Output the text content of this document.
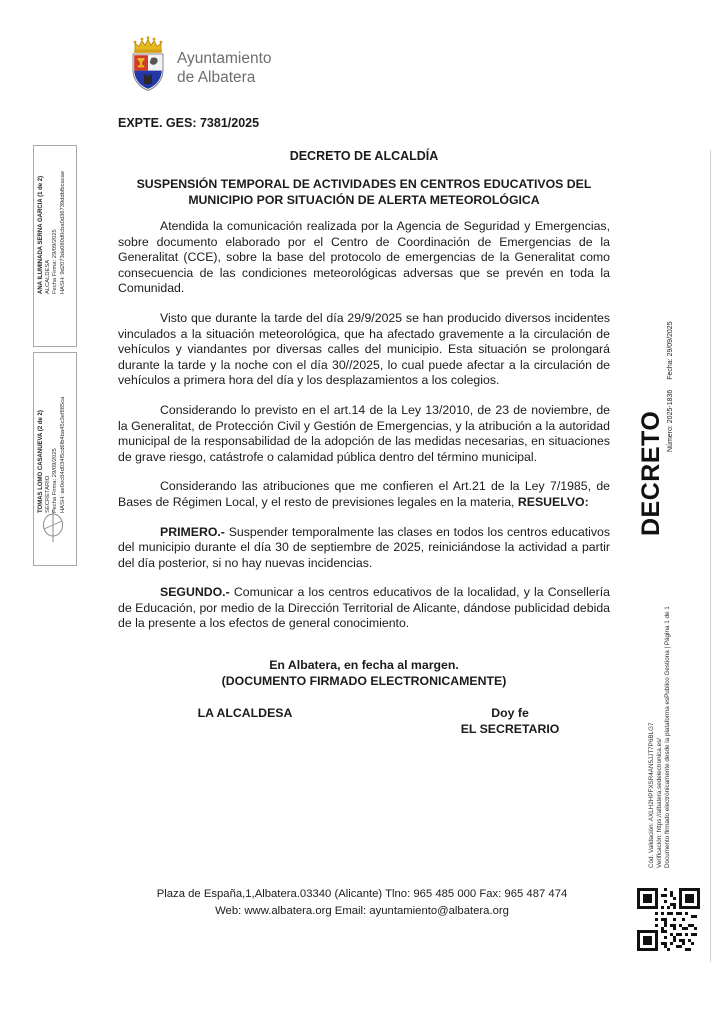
Ayuntamiento
de Albatera
EXPTE. GES: 7381/2025
DECRETO DE ALCALDÍA
SUSPENSIÓN TEMPORAL DE ACTIVIDADES EN CENTROS EDUCATIVOS DEL MUNICIPIO POR SITUACIÓN DE ALERTA METEOROLÓGICA

Atendida la comunicación realizada por la Agencia de Seguridad y Emergencias, sobre documento elaborado por el Centro de Coordinación de Emergencias de la Generalitat (CCE), sobre la base del protocolo de emergencias de la Generalitat como consecuencia de las condiciones meteorológicas adversas que se prevén en toda la Comunidad.

Visto que durante la tarde del día 29/9/2025 se han producido diversos incidentes vinculados a la situación meteorológica, que ha afectado gravemente a la circulación de vehículos y viandantes por diversas calles del municipio. Esta situación se prolongará durante la tarde y la noche con el día 30//2025, lo cual puede afectar a la circulación de vehículos a primera hora del día y los desplazamientos a los colegios.

Considerando lo previsto en el art.14 de la Ley 13/2010, de 23 de noviembre, de la Generalitat, de Protección Civil y Gestión de Emergencias, y la atribución a la autoridad municipal de la responsabilidad de la adopción de las medidas necesarias, en situaciones de grave riesgo, catástrofe o calamidad pública dentro del término municipal.

Considerando las atribuciones que me confieren el Art.21 de la Ley 7/1985, de Bases de Régimen Local, y el resto de previsiones legales en la materia, RESUELVO:

PRIMERO.- Suspender temporalmente las clases en todos los centros educativos del municipio durante el día 30 de septiembre de 2025, reiniciándose la actividad a partir del día posterior, si no hay nuevas incidencias.

SEGUNDO.- Comunicar a los centros educativos de la localidad, y la Consellería de Educación, por medio de la Dirección Territorial de Alicante, dándose publicidad debida de la presente a los efectos de general conocimiento.

En Albatera, en fecha al margen.
(DOCUMENTO FIRMADO ELECTRONICAMENTE)
LA ALCALDESA	Doy fe
EL SECRETARIO
Plaza de España,1,Albatera.03340 (Alicante) Tlno: 965 485 000 Fax: 965 487 474
Web: www.albatera.org Email: ayuntamiento@albatera.org
ANA ILUMINADA SERNA GARCIA (1 de 2) ALCALDESA Fecha Firma: 29/09/2025 HASH: 9d2073da080d0cba0d36739ddbfbcacae
TOMAS LOMO CASANUEVA (2 de 2) SECRETARIO Fecha Firma: 29/09/2025 HASH: ae0ec84d034f5cd6fb4ba45c3ef885ca	DECRETO Número: 2025-1836 Fecha: 29/09/2025
Cód. Validación: AXLH2HPFXSR4AN5JJT7P6BLG7 Verificación: https://albatera.sedelectronica.es/ Documento firmado electrónicamente desde la plataforma esPublico Gestiona | Página 1 de 1
